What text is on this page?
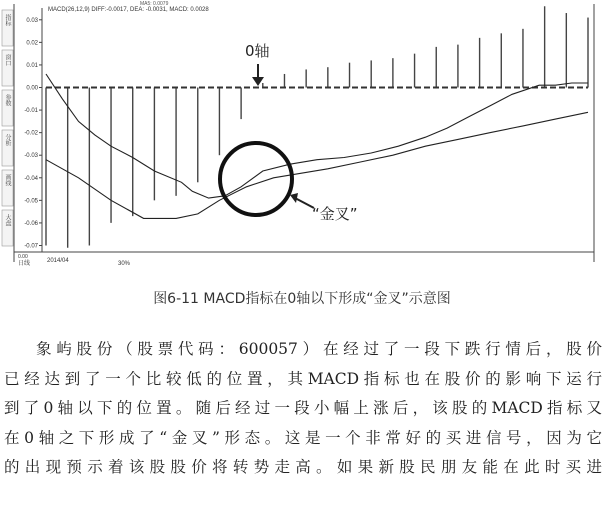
指标
窗口
参数
分析
画线
大盘
MACD(26,12,9) DIFF:-0.0017, DEA: -0.0031, MACD: 0.0028
MA5: 0.0079
0.03
0.02
0.01
0.00
-0.01
-0.02
-0.03
-0.04
-0.05
-0.06
-0.07
0轴
“金叉”
2014/04
0.00
日线	30%
图6-11 MACD指标在0轴以下形成“金叉”示意图
象屿股份（股票代码：600057）在经过了一段下跌行情后，股价
已经达到了一个比较低的位置，其MACD指标也在股价的影响下运行
到了0轴以下的位置。随后经过一段小幅上涨后，该股的MACD指标又
在0轴之下形成了“金叉”形态。这是一个非常好的买进信号，因为它
的出现预示着该股股价将转势走高。如果新股民朋友能在此时买进
